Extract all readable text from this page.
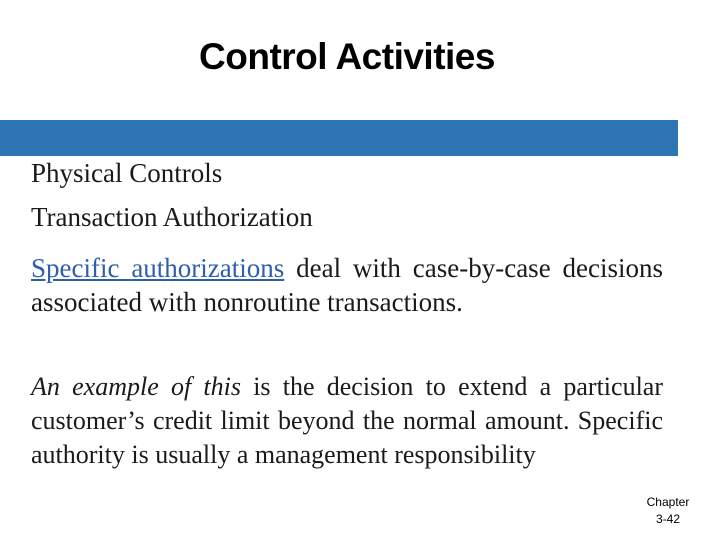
Control Activities
Physical Controls
Transaction Authorization
Specific authorizations deal with case-by-case decisions associated with nonroutine transactions.
An example of this is the decision to extend a particular customer’s credit limit beyond the normal amount. Specific authority is usually a management responsibility
Chapter
3-42
